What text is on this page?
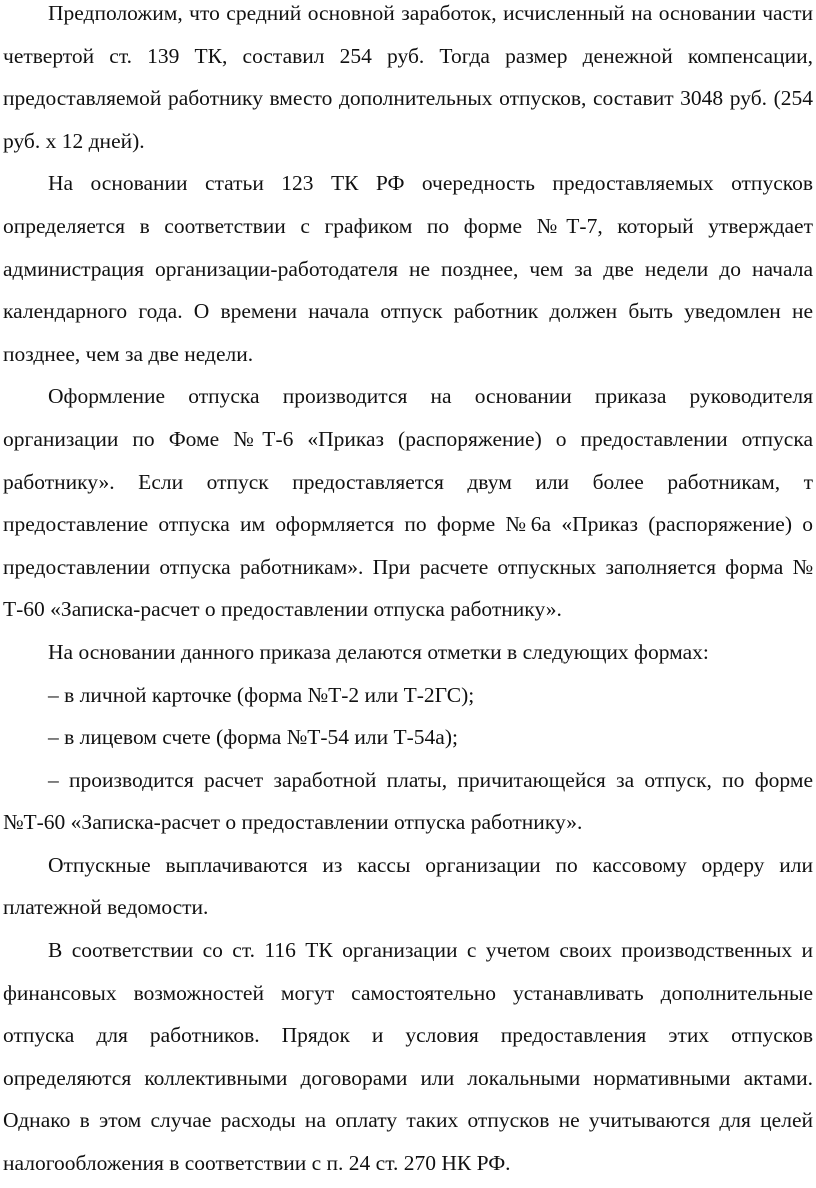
Предположим, что средний основной заработок, исчисленный на основании части четвертой ст. 139 ТК, составил 254 руб. Тогда размер денежной компенсации, предоставляемой работнику вместо дополнительных отпусков, составит 3048 руб. (254 руб. х 12 дней).

На основании статьи 123 ТК РФ очередность предоставляемых отпусков определяется в соответствии с графиком по форме №Т-7, который утверждает администрация организации-работодателя не позднее, чем за две недели до начала календарного года. О времени начала отпуск работник должен быть уведомлен не позднее, чем за две недели.

Оформление отпуска производится на основании приказа руководителя организации по Фоме №Т-6 «Приказ (распоряжение) о предоставлении отпуска работнику». Если отпуск предоставляется двум или более работникам, т предоставление отпуска им оформляется по форме №6а «Приказ (распоряжение) о предоставлении отпуска работникам». При расчете отпускных заполняется форма № Т-60 «Записка-расчет о предоставлении отпуска работнику».

На основании данного приказа делаются отметки в следующих формах:

– в личной карточке (форма №Т-2 или Т-2ГС);

– в лицевом счете (форма №Т-54 или Т-54а);

– производится расчет заработной платы, причитающейся за отпуск, по форме №Т-60 «Записка-расчет о предоставлении отпуска работнику».

Отпускные выплачиваются из кассы организации по кассовому ордеру или платежной ведомости.

В соответствии со ст. 116 ТК организации с учетом своих производственных и финансовых возможностей могут самостоятельно устанавливать дополнительные отпуска для работников. Прядок и условия предоставления этих отпусков определяются коллективными договорами или локальными нормативными актами. Однако в этом случае расходы на оплату таких отпусков не учитываются для целей налогообложения в соответствии с п. 24 ст. 270 НК РФ.
